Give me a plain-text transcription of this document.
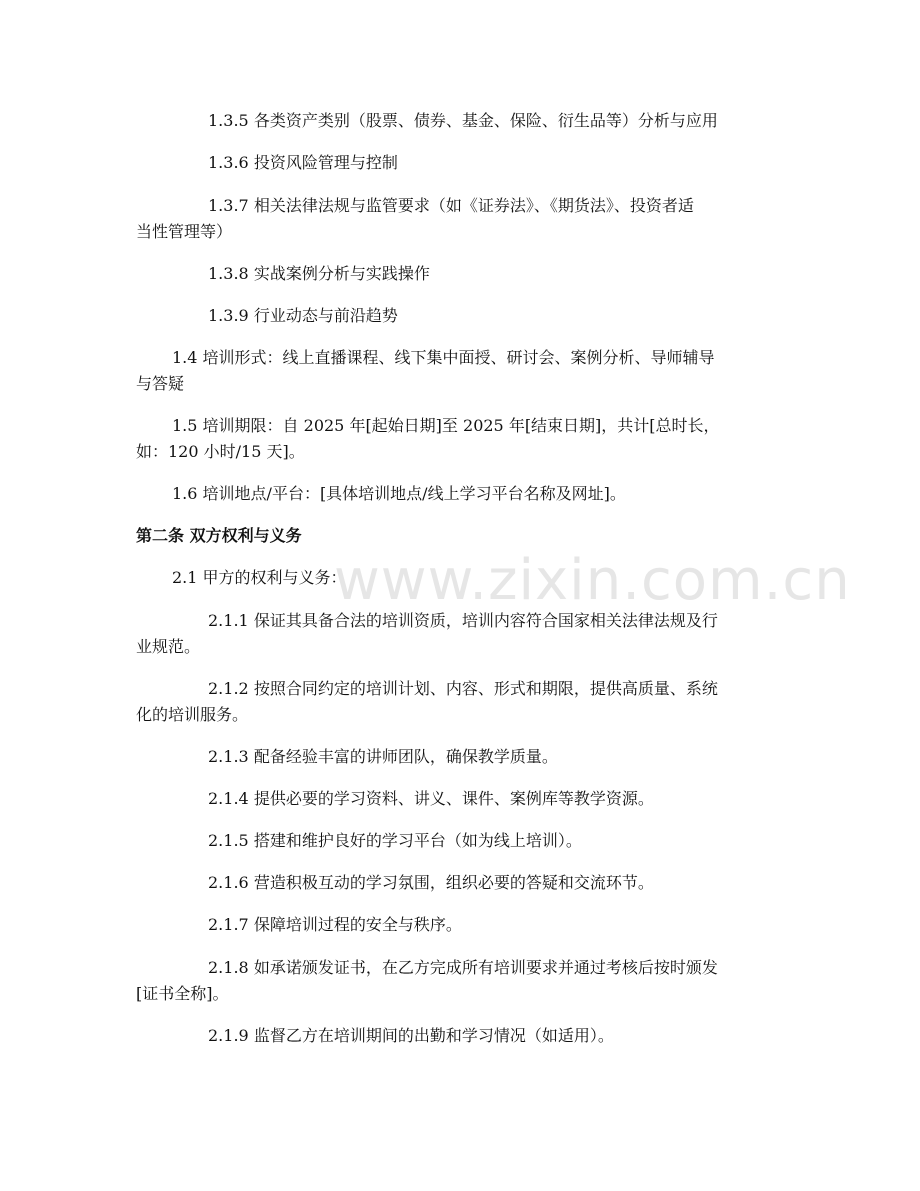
www.zixin.com.cn
1.3.5 各类资产类别（股票、债券、基金、保险、衍生品等）分析与应用
1.3.6 投资风险管理与控制
1.3.7 相关法律法规与监管要求（如《证券法》、《期货法》、投资者适
当性管理等）
1.3.8 实战案例分析与实践操作
1.3.9 行业动态与前沿趋势
1.4 培训形式：线上直播课程、线下集中面授、研讨会、案例分析、导师辅导
与答疑
1.5 培训期限：自 2025 年[起始日期]至 2025 年[结束日期]，共计[总时长，
如：120 小时/15 天]。
1.6 培训地点/平台：[具体培训地点/线上学习平台名称及网址]。
第二条 双方权利与义务
2.1 甲方的权利与义务：
2.1.1 保证其具备合法的培训资质，培训内容符合国家相关法律法规及行
业规范。
2.1.2 按照合同约定的培训计划、内容、形式和期限，提供高质量、系统
化的培训服务。
2.1.3 配备经验丰富的讲师团队，确保教学质量。
2.1.4 提供必要的学习资料、讲义、课件、案例库等教学资源。
2.1.5 搭建和维护良好的学习平台（如为线上培训）。
2.1.6 营造积极互动的学习氛围，组织必要的答疑和交流环节。
2.1.7 保障培训过程的安全与秩序。
2.1.8 如承诺颁发证书，在乙方完成所有培训要求并通过考核后按时颁发
[证书全称]。
2.1.9 监督乙方在培训期间的出勤和学习情况（如适用）。
